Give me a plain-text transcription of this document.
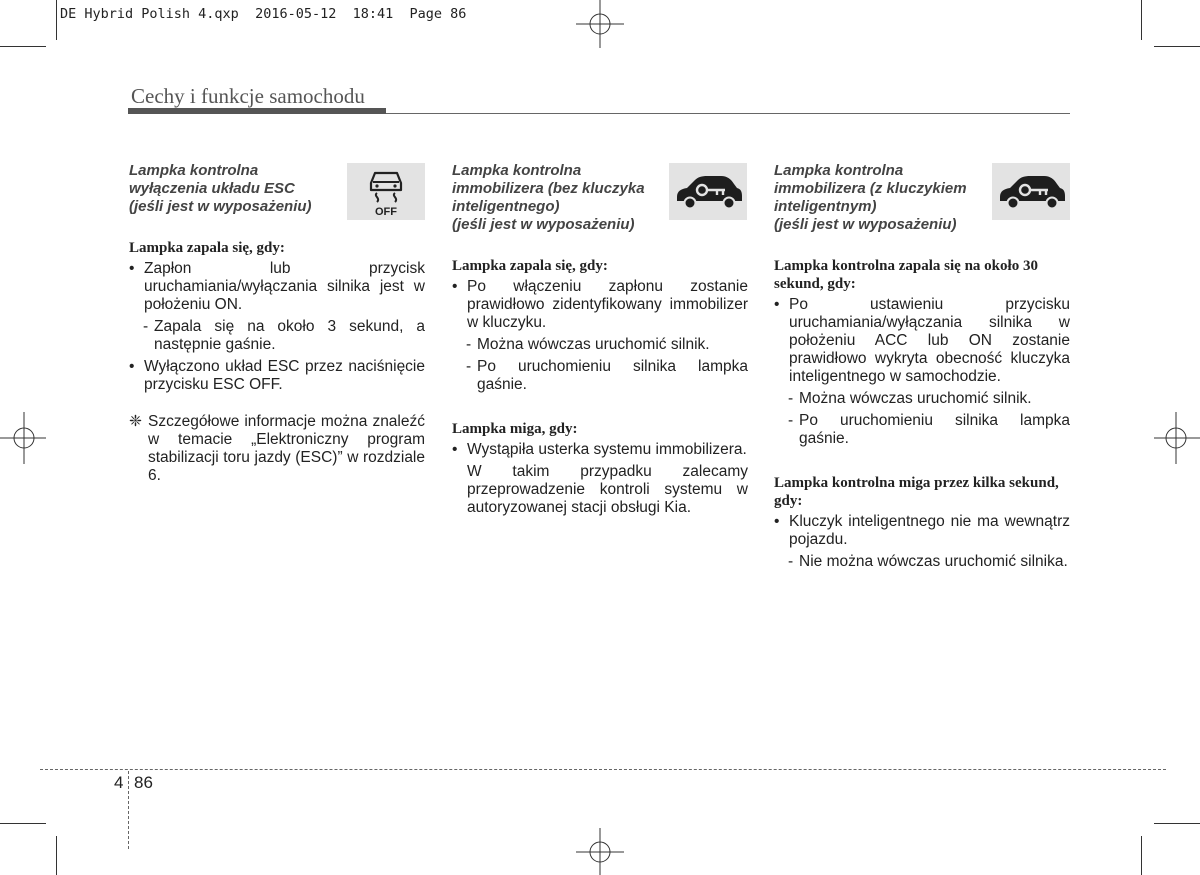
DE Hybrid Polish 4.qxp 2016-05-12 18:41 Page 86
Cechy i funkcje samochodu
Lampka kontrolna
wyłączenia układu ESC
(jeśli jest w wyposażeniu)	OFF
Lampka zapala się, gdy:
• Zapłon lub przycisk uruchamiania/wyłączania silnika jest w położeniu ON.
- Zapala się na około 3 sekund, a następnie gaśnie.
• Wyłączono układ ESC przez naciśnięcie przycisku ESC OFF.
❈ Szczegółowe informacje można znaleźć w temacie „Elektroniczny program stabilizacji toru jazdy (ESC)” w rozdziale 6.
Lampka kontrolna
immobilizera (bez kluczyka
inteligentnego)
(jeśli jest w wyposażeniu)
Lampka zapala się, gdy:
• Po włączeniu zapłonu zostanie prawidłowo zidentyfikowany immobilizer w kluczyku.
- Można wówczas uruchomić silnik.
- Po uruchomieniu silnika lampka gaśnie.
Lampka miga, gdy:
• Wystąpiła usterka systemu immobilizera.
W takim przypadku zalecamy przeprowadzenie kontroli systemu w autoryzowanej stacji obsługi Kia.
Lampka kontrolna
immobilizera (z kluczykiem
inteligentnym)
(jeśli jest w wyposażeniu)
Lampka kontrolna zapala się na około 30 sekund, gdy:
• Po ustawieniu przycisku uruchamiania/wyłączania silnika w położeniu ACC lub ON zostanie prawidłowo wykryta obecność kluczyka inteligentnego w samochodzie.
- Można wówczas uruchomić silnik.
- Po uruchomieniu silnika lampka gaśnie.
Lampka kontrolna miga przez kilka sekund, gdy:
• Kluczyk inteligentnego nie ma wewnątrz pojazdu.
- Nie można wówczas uruchomić silnika.
4 86
